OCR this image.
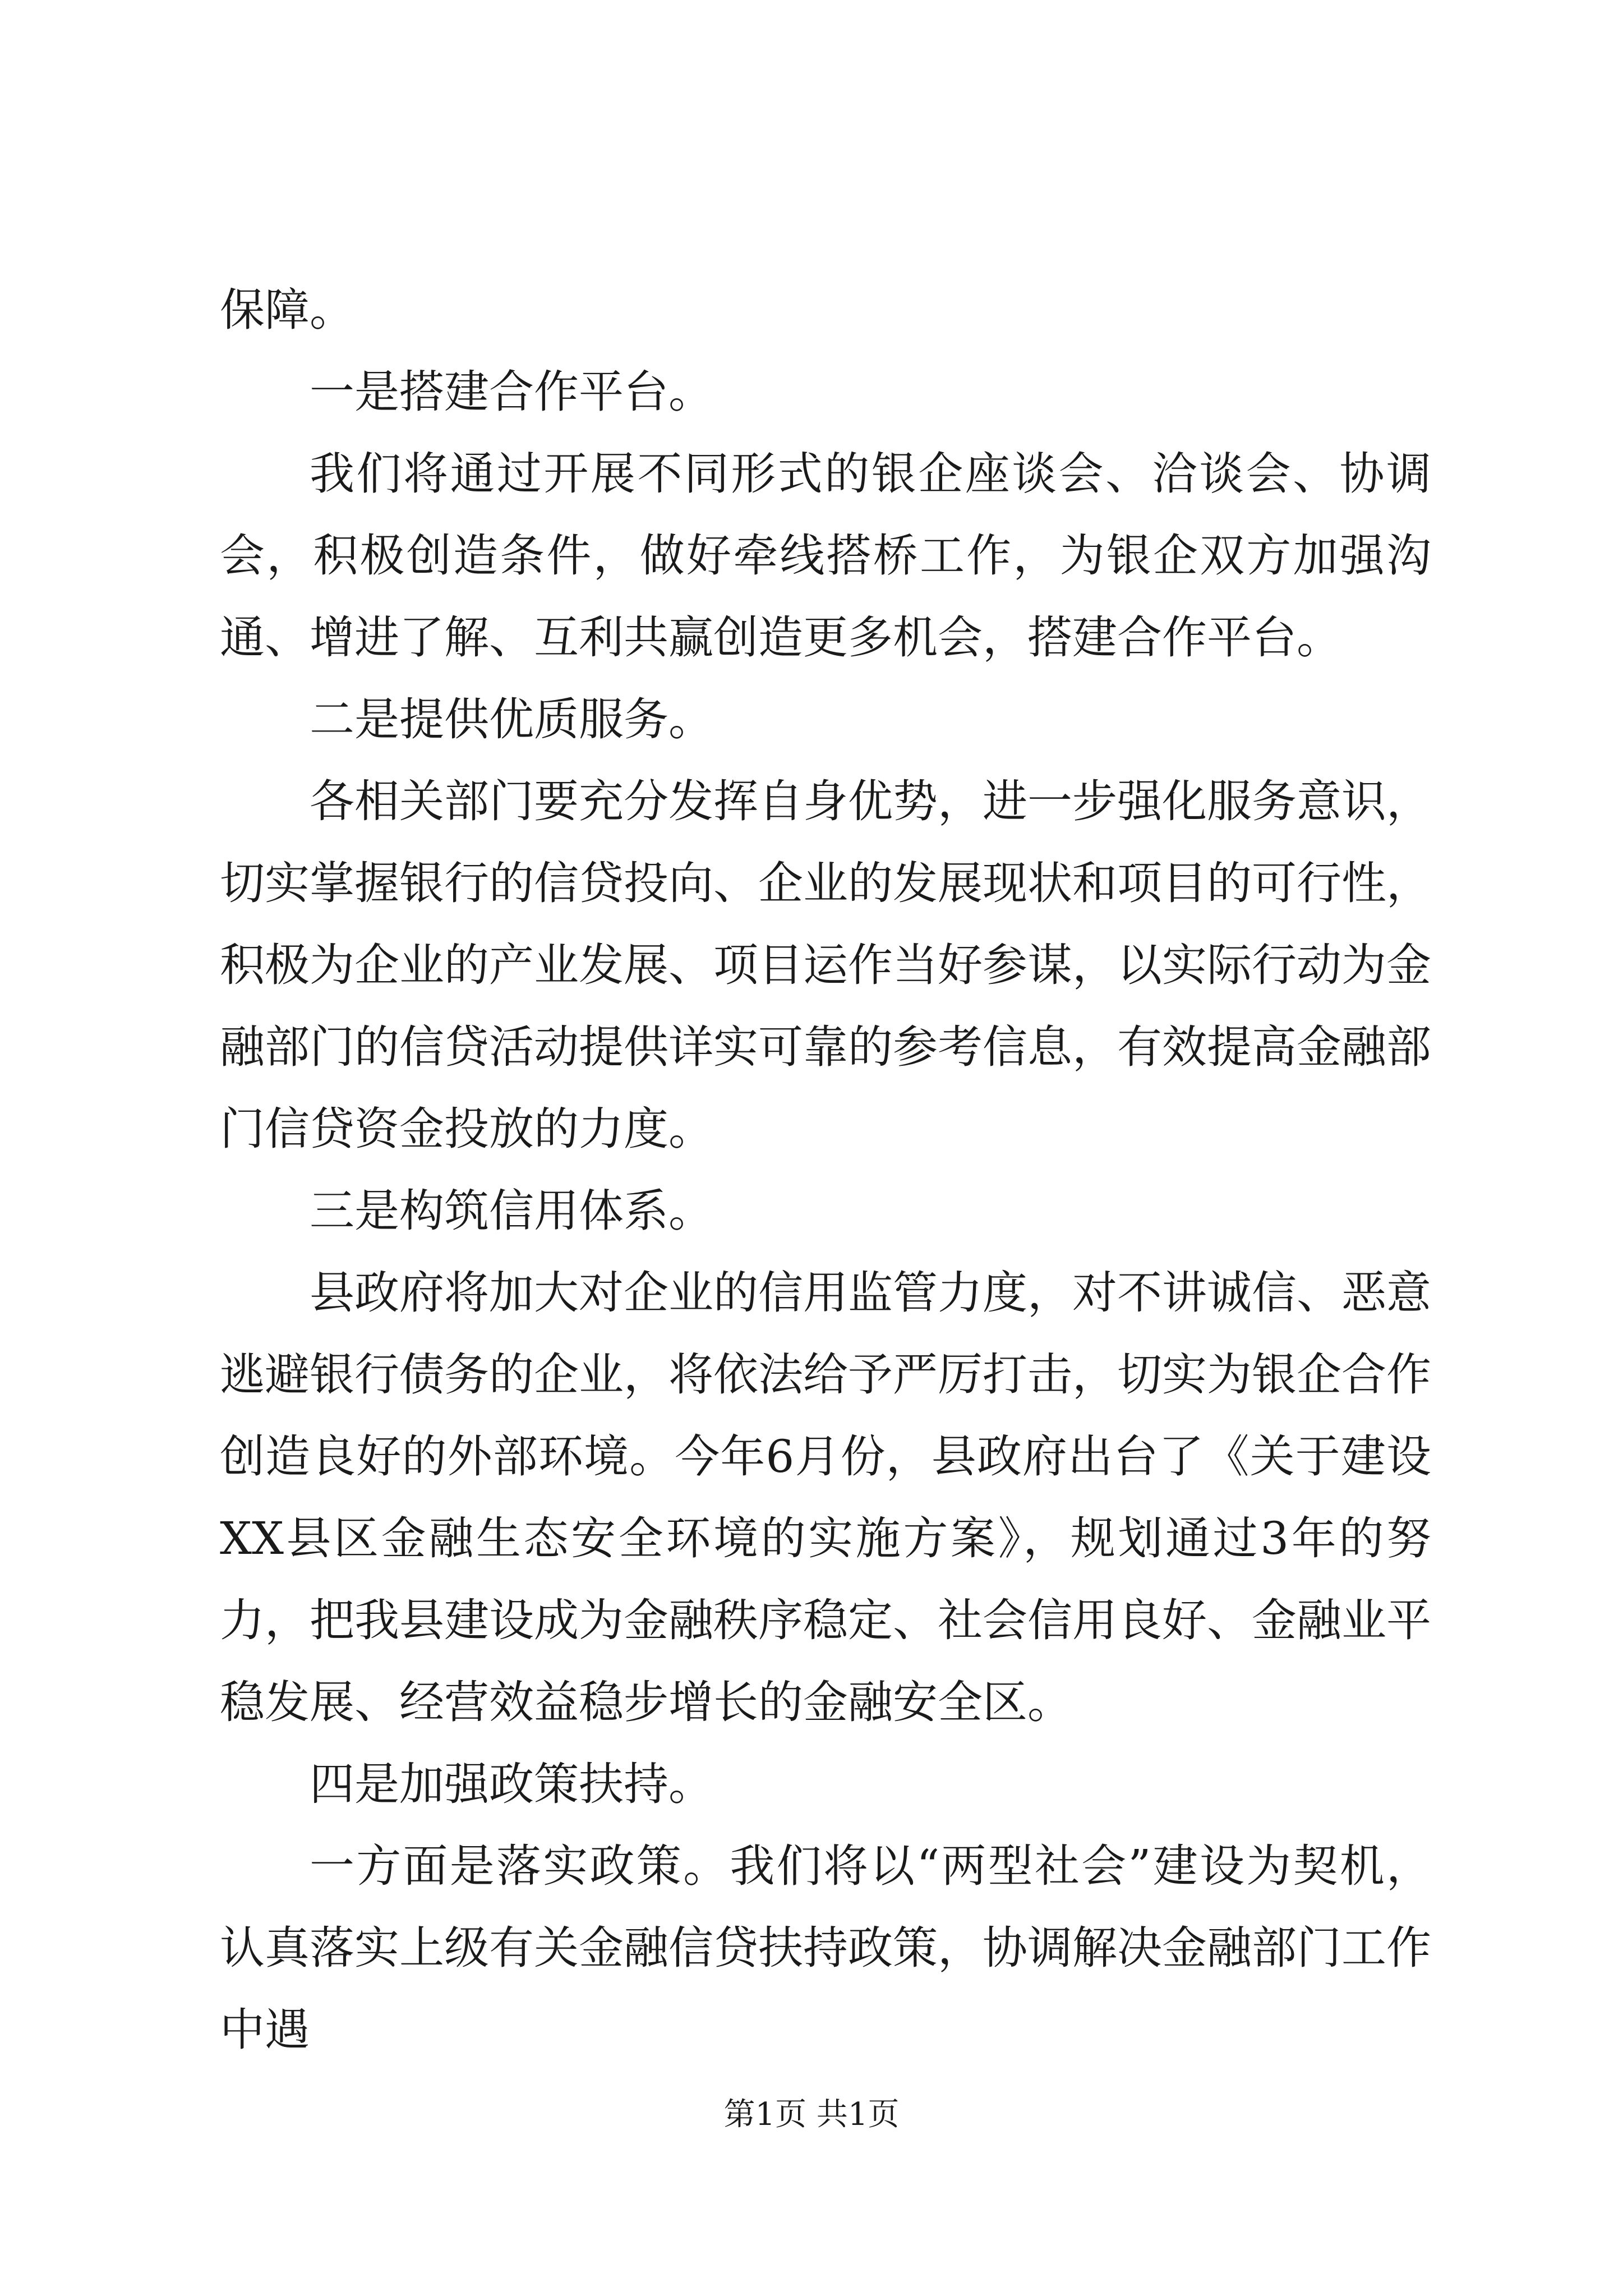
保障。

一是搭建合作平台。

我们将通过开展不同形式的银企座谈会、洽谈会、协调会，积极创造条件，做好牵线搭桥工作，为银企双方加强沟通、增进了解、互利共赢创造更多机会，搭建合作平台。

二是提供优质服务。

各相关部门要充分发挥自身优势，进一步强化服务意识，切实掌握银行的信贷投向、企业的发展现状和项目的可行性，积极为企业的产业发展、项目运作当好参谋，以实际行动为金融部门的信贷活动提供详实可靠的参考信息，有效提高金融部门信贷资金投放的力度。

三是构筑信用体系。

县政府将加大对企业的信用监管力度，对不讲诚信、恶意逃避银行债务的企业，将依法给予严厉打击，切实为银企合作创造良好的外部环境。今年6月份，县政府出台了《关于建设XX县区金融生态安全环境的实施方案》，规划通过3年的努力，把我县建设成为金融秩序稳定、社会信用良好、金融业平稳发展、经营效益稳步增长的金融安全区。

四是加强政策扶持。

一方面是落实政策。我们将以“两型社会”建设为契机，认真落实上级有关金融信贷扶持政策，协调解决金融部门工作中遇

第1页 共1页
